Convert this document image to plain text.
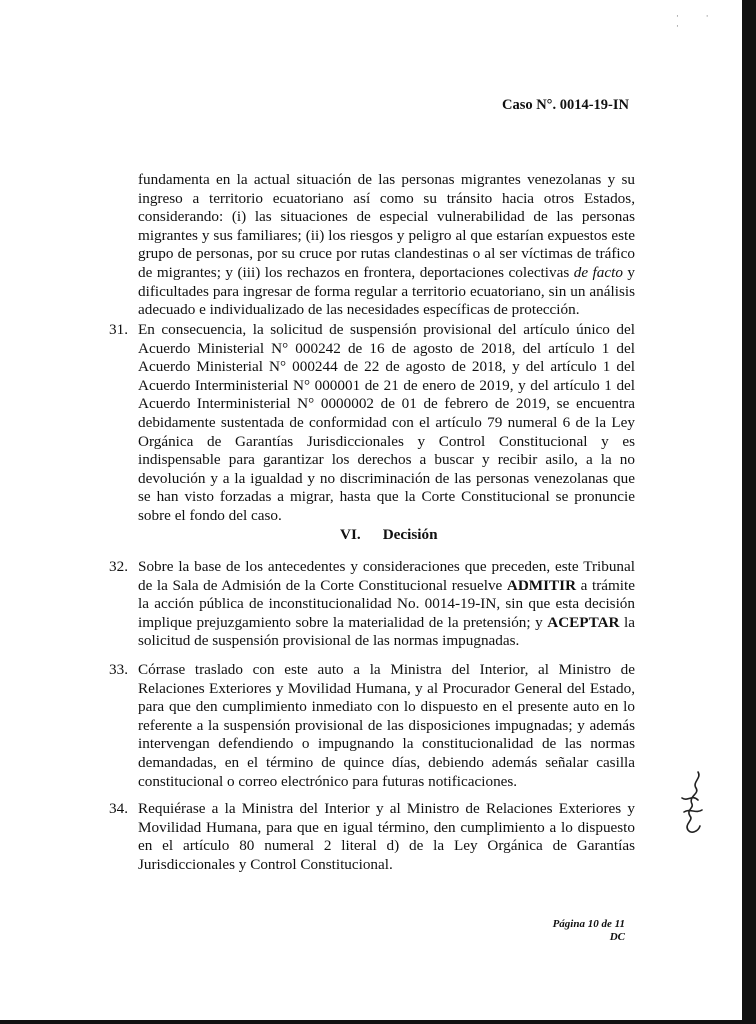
· · ·
Caso N°. 0014-19-IN
fundamenta en la actual situación de las personas migrantes venezolanas y su ingreso a territorio ecuatoriano así como su tránsito hacia otros Estados, considerando: (i) las situaciones de especial vulnerabilidad de las personas migrantes y sus familiares; (ii) los riesgos y peligro al que estarían expuestos este grupo de personas, por su cruce por rutas clandestinas o al ser víctimas de tráfico de migrantes; y (iii) los rechazos en frontera, deportaciones colectivas de facto y dificultades para ingresar de forma regular a territorio ecuatoriano, sin un análisis adecuado e individualizado de las necesidades específicas de protección.
31. En consecuencia, la solicitud de suspensión provisional del artículo único del Acuerdo Ministerial N° 000242 de 16 de agosto de 2018, del artículo 1 del Acuerdo Ministerial N° 000244 de 22 de agosto de 2018, y del artículo 1 del Acuerdo Interministerial N° 000001 de 21 de enero de 2019, y del artículo 1 del Acuerdo Interministerial N° 0000002 de 01 de febrero de 2019, se encuentra debidamente sustentada de conformidad con el artículo 79 numeral 6 de la Ley Orgánica de Garantías Jurisdiccionales y Control Constitucional y es indispensable para garantizar los derechos a buscar y recibir asilo, a la no devolución y a la igualdad y no discriminación de las personas venezolanas que se han visto forzadas a migrar, hasta que la Corte Constitucional se pronuncie sobre el fondo del caso.
VI. Decisión
32. Sobre la base de los antecedentes y consideraciones que preceden, este Tribunal de la Sala de Admisión de la Corte Constitucional resuelve ADMITIR a trámite la acción pública de inconstitucionalidad No. 0014-19-IN, sin que esta decisión implique prejuzgamiento sobre la materialidad de la pretensión; y ACEPTAR la solicitud de suspensión provisional de las normas impugnadas.
33. Córrase traslado con este auto a la Ministra del Interior, al Ministro de Relaciones Exteriores y Movilidad Humana, y al Procurador General del Estado, para que den cumplimiento inmediato con lo dispuesto en el presente auto en lo referente a la suspensión provisional de las disposiciones impugnadas; y además intervengan defendiendo o impugnando la constitucionalidad de las normas demandadas, en el término de quince días, debiendo además señalar casilla constitucional o correo electrónico para futuras notificaciones.
34. Requiérase a la Ministra del Interior y al Ministro de Relaciones Exteriores y Movilidad Humana, para que en igual término, den cumplimiento a lo dispuesto en el artículo 80 numeral 2 literal d) de la Ley Orgánica de Garantías Jurisdiccionales y Control Constitucional.
Página 10 de 11
DC
